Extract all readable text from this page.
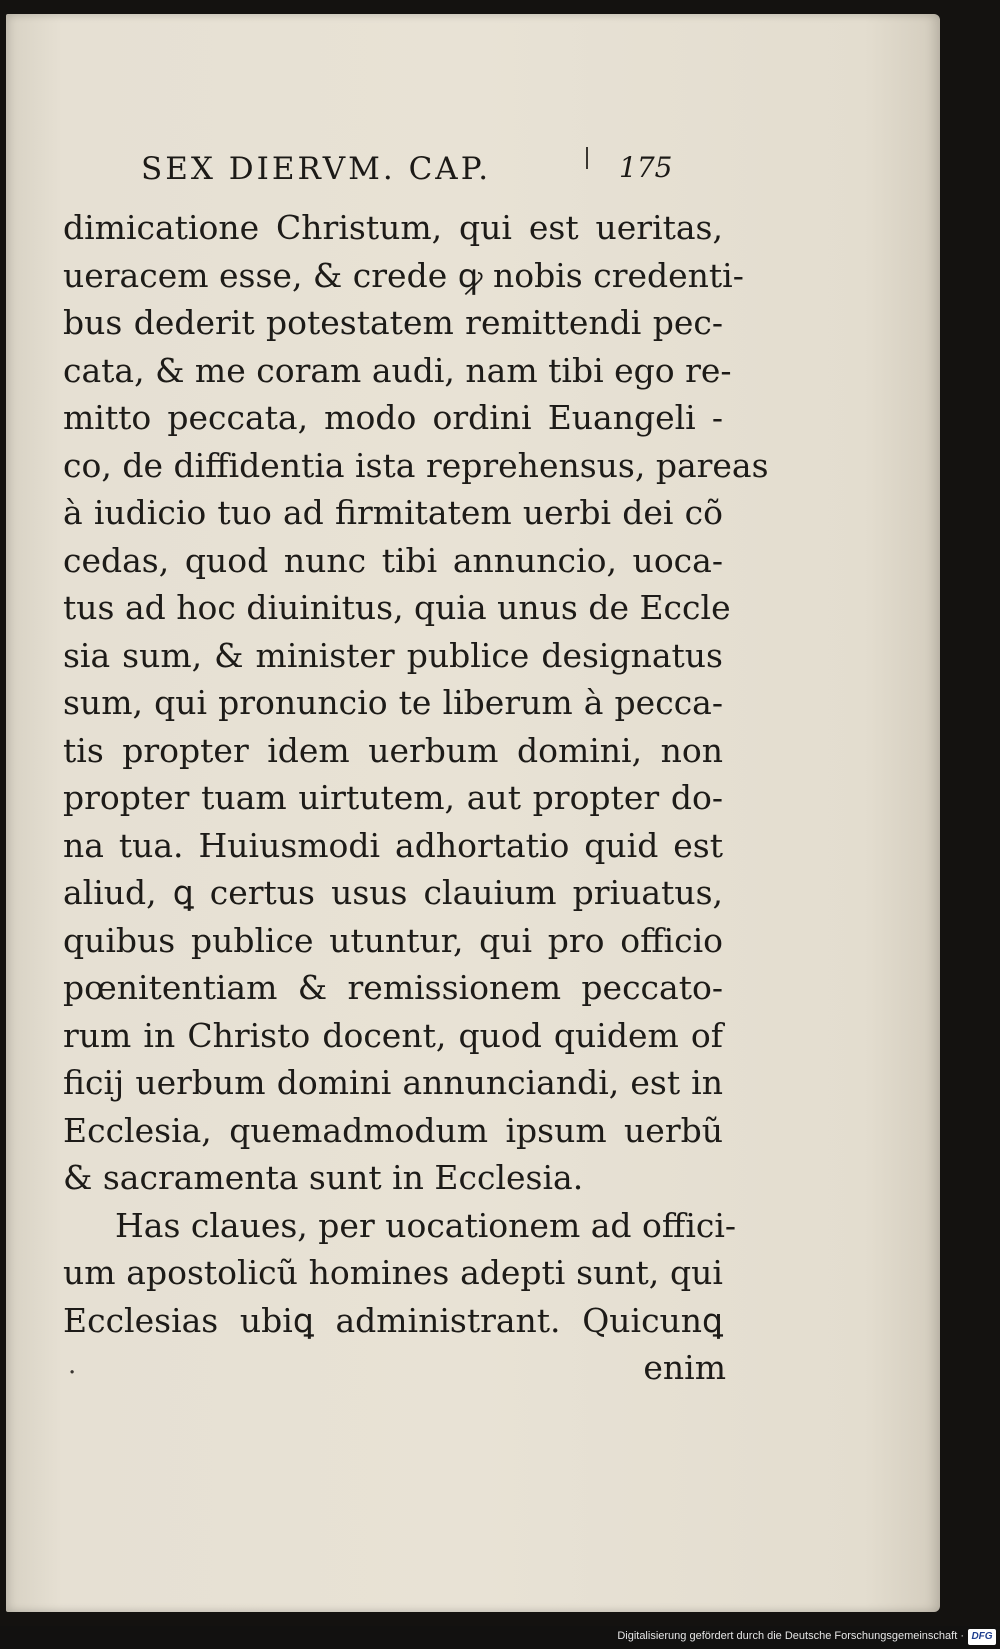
SEX DIERVM. CAP.	175
dimicatione Christum, qui est ueritas,
ueracem esse, & crede ꝙ nobis credenti-
bus dederit potestatem remittendi pec-
cata, & me coram audi, nam tibi ego re-
mitto peccata, modo ordini Euangeli -
co, de diffidentia ista reprehensus, pareas
à iudicio tuo ad firmitatem uerbi dei cõ
cedas, quod nunc tibi annuncio, uoca-
tus ad hoc diuinitus, quia unus de Eccle
sia sum, & minister publice designatus
sum, qui pronuncio te liberum à pecca-
tis propter idem uerbum domini, non
propter tuam uirtutem, aut propter do-
na tua. Huiusmodi adhortatio quid est
aliud, ꝗ certus usus clauium priuatus,
quibus publice utuntur, qui pro officio
pœnitentiam & remissionem peccato-
rum in Christo docent, quod quidem of
ficij uerbum domini annunciandi, est in
Ecclesia, quemadmodum ipsum uerbũ
& sacramenta sunt in Ecclesia.
Has claues, per uocationem ad offici-
um apostolicũ homines adepti sunt, qui
Ecclesias ubiꝗ administrant. Quicunꝗ
·	enim
Digitalisierung gefördert durch die Deutsche Forschungsgemeinschaft · DFG
